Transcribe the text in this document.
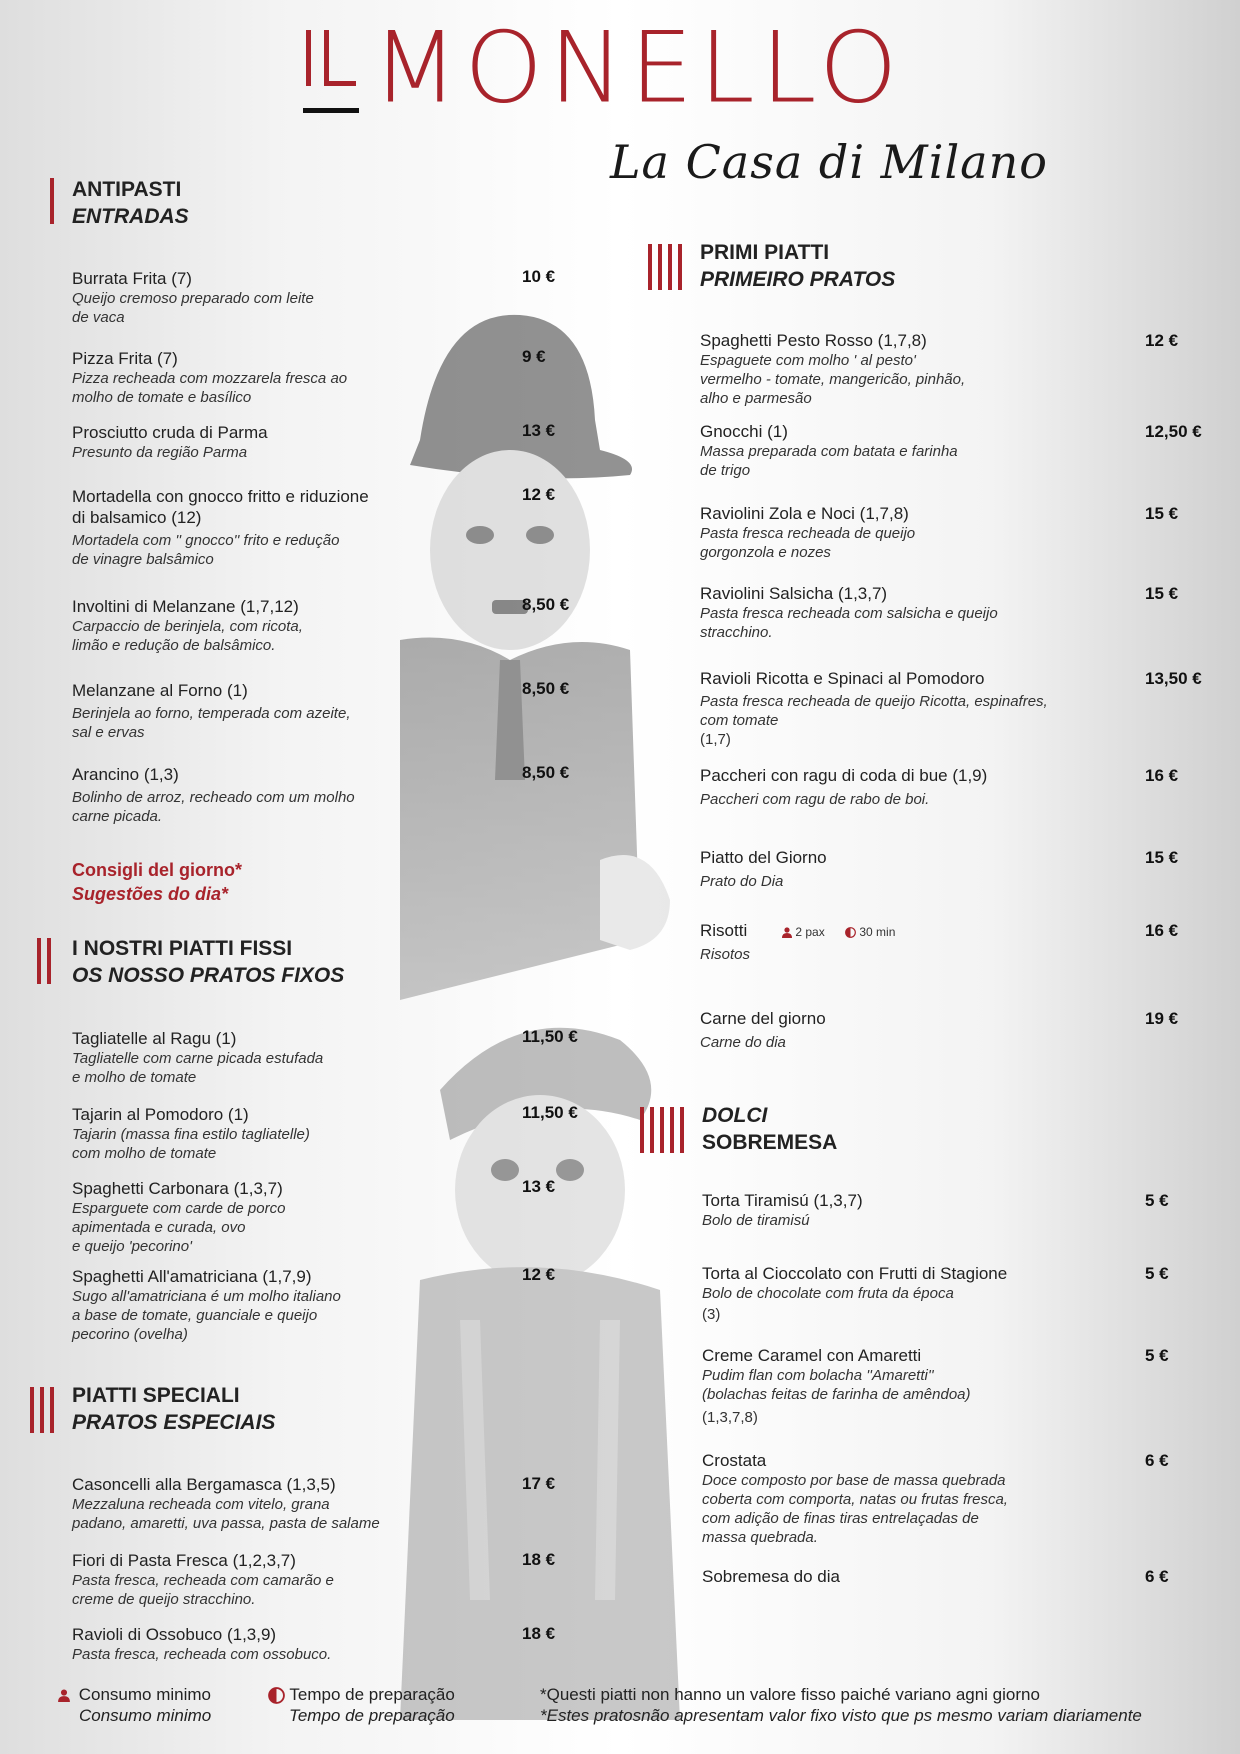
MONELLO
La Casa di Milano
ANTIPASTI
ENTRADAS
Burrata Frita (7)
Queijo cremoso preparado com leite
de vaca
10 €
Pizza Frita (7)
Pizza recheada com mozzarela fresca ao
molho de tomate e basílico
9 €
Prosciutto cruda di Parma
Presunto da região Parma
13 €
Mortadella con gnocco fritto e riduzione
di balsamico (12)
Mortadela com '' gnocco'' frito e redução
de vinagre balsâmico
12 €
Involtini di Melanzane (1,7,12)
Carpaccio de berinjela, com ricota,
limão e redução de balsâmico.
8,50 €
Melanzane al Forno (1)
Berinjela ao forno, temperada com azeite,
sal e ervas
8,50 €
Arancino (1,3)
Bolinho de arroz, recheado com um molho
carne picada.
8,50 €
Consigli del giorno*
Sugestões do dia*
I NOSTRI PIATTI FISSI
OS NOSSO PRATOS FIXOS
Tagliatelle al Ragu (1)
Tagliatelle com carne picada estufada
e molho de tomate
11,50 €
Tajarin al Pomodoro (1)
Tajarin (massa fina estilo tagliatelle)
com molho de tomate
11,50 €
Spaghetti Carbonara (1,3,7)
Esparguete com carde de porco
apimentada e curada, ovo
e queijo 'pecorino'
13 €
Spaghetti All'amatriciana (1,7,9)
Sugo all'amatriciana é um molho italiano
a base de tomate, guanciale e queijo
pecorino (ovelha)
12 €
PIATTI SPECIALI
PRATOS ESPECIAIS
Casoncelli alla Bergamasca (1,3,5)
Mezzaluna recheada com vitelo, grana
padano, amaretti, uva passa, pasta de salame
17 €
Fiori di Pasta Fresca (1,2,3,7)
Pasta fresca, recheada com camarão e
creme de queijo stracchino.
18 €
Ravioli di Ossobuco (1,3,9)
Pasta fresca, recheada com ossobuco.
18 €
PRIMI PIATTI
PRIMEIRO PRATOS
Spaghetti Pesto Rosso (1,7,8)
Espaguete com molho ' al pesto'
vermelho - tomate, mangericão, pinhão,
alho e parmesão
12 €
Gnocchi (1)
Massa preparada com batata e farinha
de trigo
12,50 €
Raviolini Zola e Noci (1,7,8)
Pasta fresca recheada de queijo
gorgonzola e nozes
15 €
Raviolini Salsicha (1,3,7)
Pasta fresca recheada com salsicha e queijo
stracchino.
15 €
Ravioli Ricotta e Spinaci al Pomodoro
Pasta fresca recheada de queijo Ricotta, espinafres,
com tomate
(1,7)
13,50 €
Paccheri con ragu di coda di bue (1,9)
Paccheri com ragu de rabo de boi.
16 €
Piatto del Giorno
Prato do Dia
15 €
Risotti
Risotos
2 pax	30 min	16 €
Carne del giorno
Carne do dia
19 €
DOLCI
SOBREMESA
Torta Tiramisú (1,3,7)
Bolo de tiramisú
5 €
Torta al Cioccolato con Frutti di Stagione
Bolo de chocolate com fruta da época
(3)
5 €
Creme Caramel con Amaretti
Pudim flan com bolacha ''Amaretti''
(bolachas feitas de farinha de amêndoa)
(1,3,7,8)
5 €
Crostata
Doce composto por base de massa quebrada
coberta com comporta, natas ou frutas fresca,
com adição de finas tiras entrelaçadas de
massa quebrada.
6 €
Sobremesa do dia	6 €
Consumo minimo
Consumo minimo
Tempo de preparação
Tempo de preparação
*Questi piatti non hanno un valore fisso paiché variano agni giorno
*Estes pratosnão apresentam valor fixo visto que ps mesmo variam diariamente
